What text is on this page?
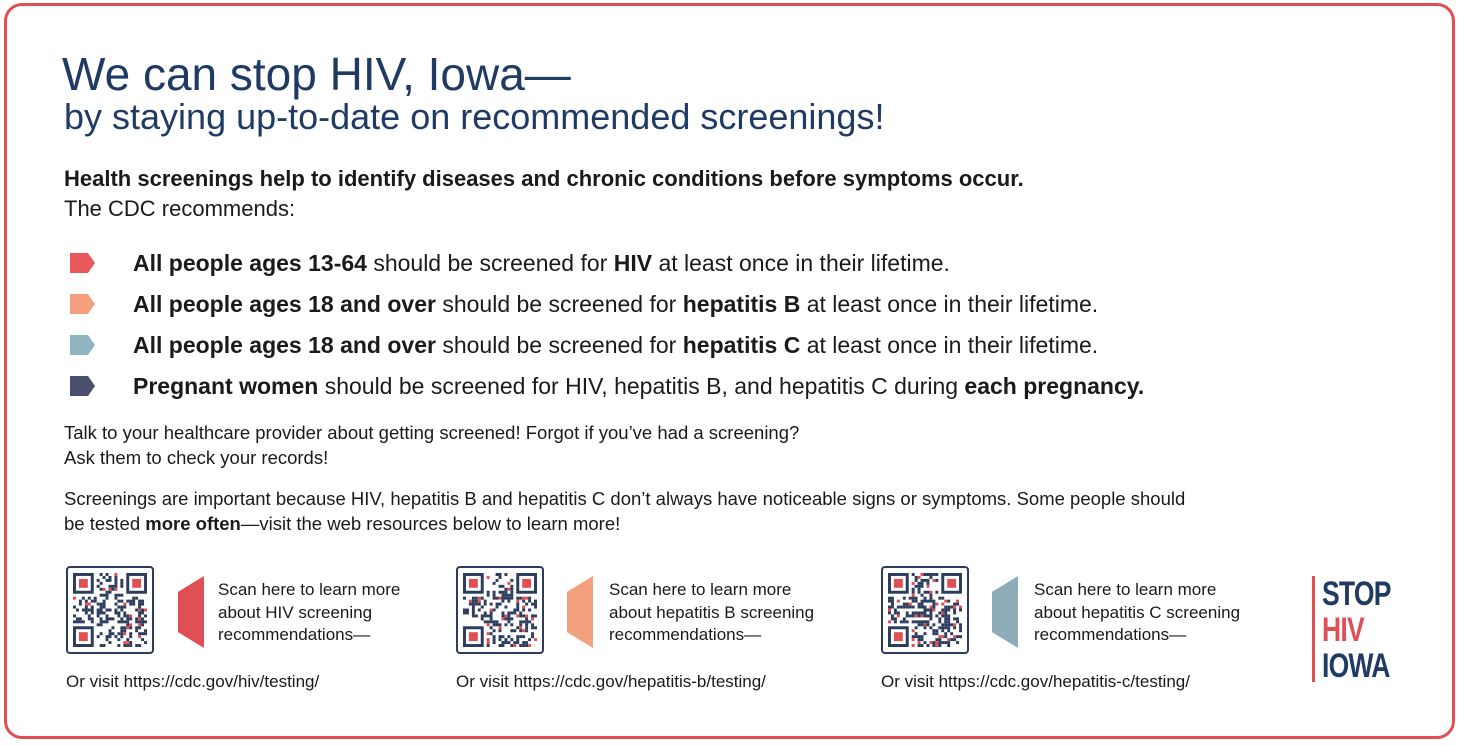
We can stop HIV, Iowa—
by staying up-to-date on recommended screenings!
Health screenings help to identify diseases and chronic conditions before symptoms occur.
The CDC recommends:
All people ages 13-64 should be screened for HIV at least once in their lifetime.
All people ages 18 and over should be screened for hepatitis B at least once in their lifetime.
All people ages 18 and over should be screened for hepatitis C at least once in their lifetime.
Pregnant women should be screened for HIV, hepatitis B, and hepatitis C during each pregnancy.
Talk to your healthcare provider about getting screened! Forgot if you’ve had a screening?
Ask them to check your records!
Screenings are important because HIV, hepatitis B and hepatitis C don’t always have noticeable signs or symptoms. Some people should
be tested more often—visit the web resources below to learn more!
Scan here to learn more
about HIV screening
recommendations—
Or visit https://cdc.gov/hiv/testing/
Scan here to learn more
about hepatitis B screening
recommendations—
Or visit https://cdc.gov/hepatitis-b/testing/
Scan here to learn more
about hepatitis C screening
recommendations—
Or visit https://cdc.gov/hepatitis-c/testing/
STOP
HIV
IOWA
